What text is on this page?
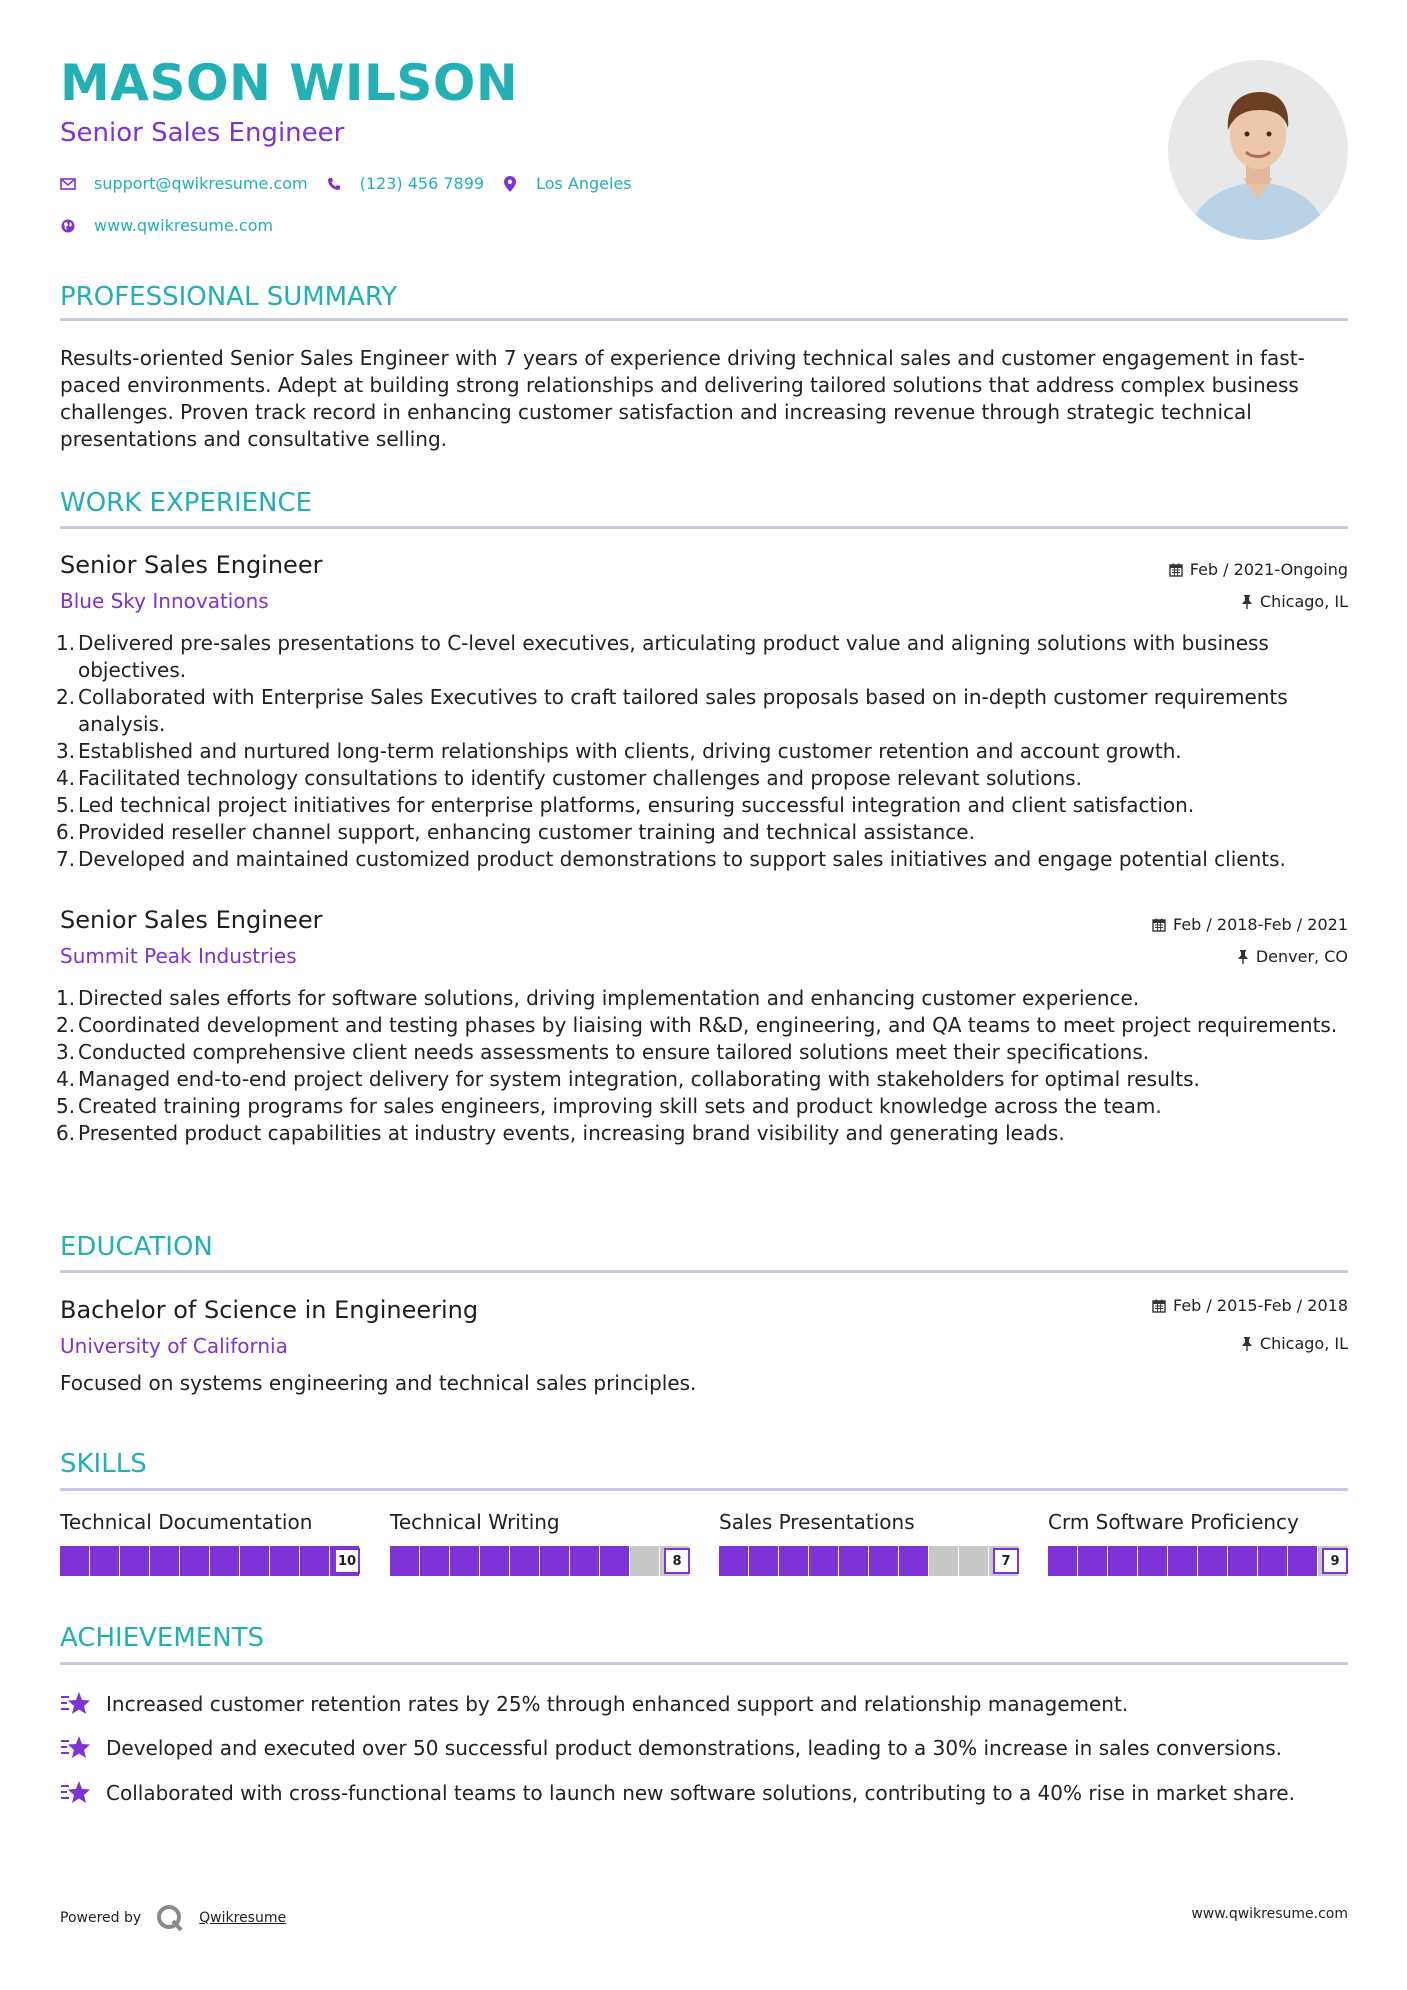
MASON WILSON
Senior Sales Engineer
support@qwikresume.com	(123) 456 7899	Los Angeles
www.qwikresume.com
PROFESSIONAL SUMMARY
Results-oriented Senior Sales Engineer with 7 years of experience driving technical sales and customer engagement in fast-paced environments. Adept at building strong relationships and delivering tailored solutions that address complex business challenges. Proven track record in enhancing customer satisfaction and increasing revenue through strategic technical presentations and consultative selling.
WORK EXPERIENCE
Senior Sales Engineer
Blue Sky Innovations
Feb / 2021-Ongoing
Chicago, IL
1. Delivered pre-sales presentations to C-level executives, articulating product value and aligning solutions with business objectives.
2. Collaborated with Enterprise Sales Executives to craft tailored sales proposals based on in-depth customer requirements analysis.
3. Established and nurtured long-term relationships with clients, driving customer retention and account growth.
4. Facilitated technology consultations to identify customer challenges and propose relevant solutions.
5. Led technical project initiatives for enterprise platforms, ensuring successful integration and client satisfaction.
6. Provided reseller channel support, enhancing customer training and technical assistance.
7. Developed and maintained customized product demonstrations to support sales initiatives and engage potential clients.
Senior Sales Engineer
Summit Peak Industries
Feb / 2018-Feb / 2021
Denver, CO
1. Directed sales efforts for software solutions, driving implementation and enhancing customer experience.
2. Coordinated development and testing phases by liaising with R&D, engineering, and QA teams to meet project requirements.
3. Conducted comprehensive client needs assessments to ensure tailored solutions meet their specifications.
4. Managed end-to-end project delivery for system integration, collaborating with stakeholders for optimal results.
5. Created training programs for sales engineers, improving skill sets and product knowledge across the team.
6. Presented product capabilities at industry events, increasing brand visibility and generating leads.
EDUCATION
Bachelor of Science in Engineering
University of California
Feb / 2015-Feb / 2018
Chicago, IL
Focused on systems engineering and technical sales principles.
SKILLS
Technical Documentation
10
Technical Writing
8
Sales Presentations
7
Crm Software Proficiency
9
ACHIEVEMENTS
Increased customer retention rates by 25% through enhanced support and relationship management.
Developed and executed over 50 successful product demonstrations, leading to a 30% increase in sales conversions.
Collaborated with cross-functional teams to launch new software solutions, contributing to a 40% rise in market share.
Powered by	Qwikresume	www.qwikresume.com
